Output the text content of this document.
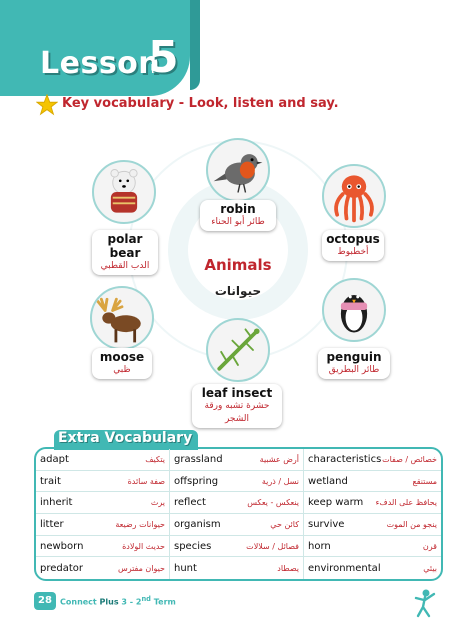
Lesson
5
Key vocabulary - Look, listen and say.
Animals
حيوانات
robin
طائر أبو الحناء
polar bear
الدب القطبي
octopus
أخطبوط
moose
ظبي
penguin
طائر البطريق
leaf insect
حشرة تشبه ورقة الشجر
Extra Vocabulary
adapt	يتكيف grassland	أرض عشبية characteristics خصائص / صفات
trait	صفة سائدة offspring	نسل / ذرية wetland	مستنقع
inherit	يرث reflect	ينعكس - يعكس keep warm يحافظ على الدفء
litter	حيوانات رضيعة organism	كائن حي survive	ينجو من الموت
newborn	حديث الولادة species	فصائل / سلالات horn	قرن
predator	حيوان مفترس hunt	يصطاد environmental	بيئي
28	Connect Plus 3 - 2nd Term
